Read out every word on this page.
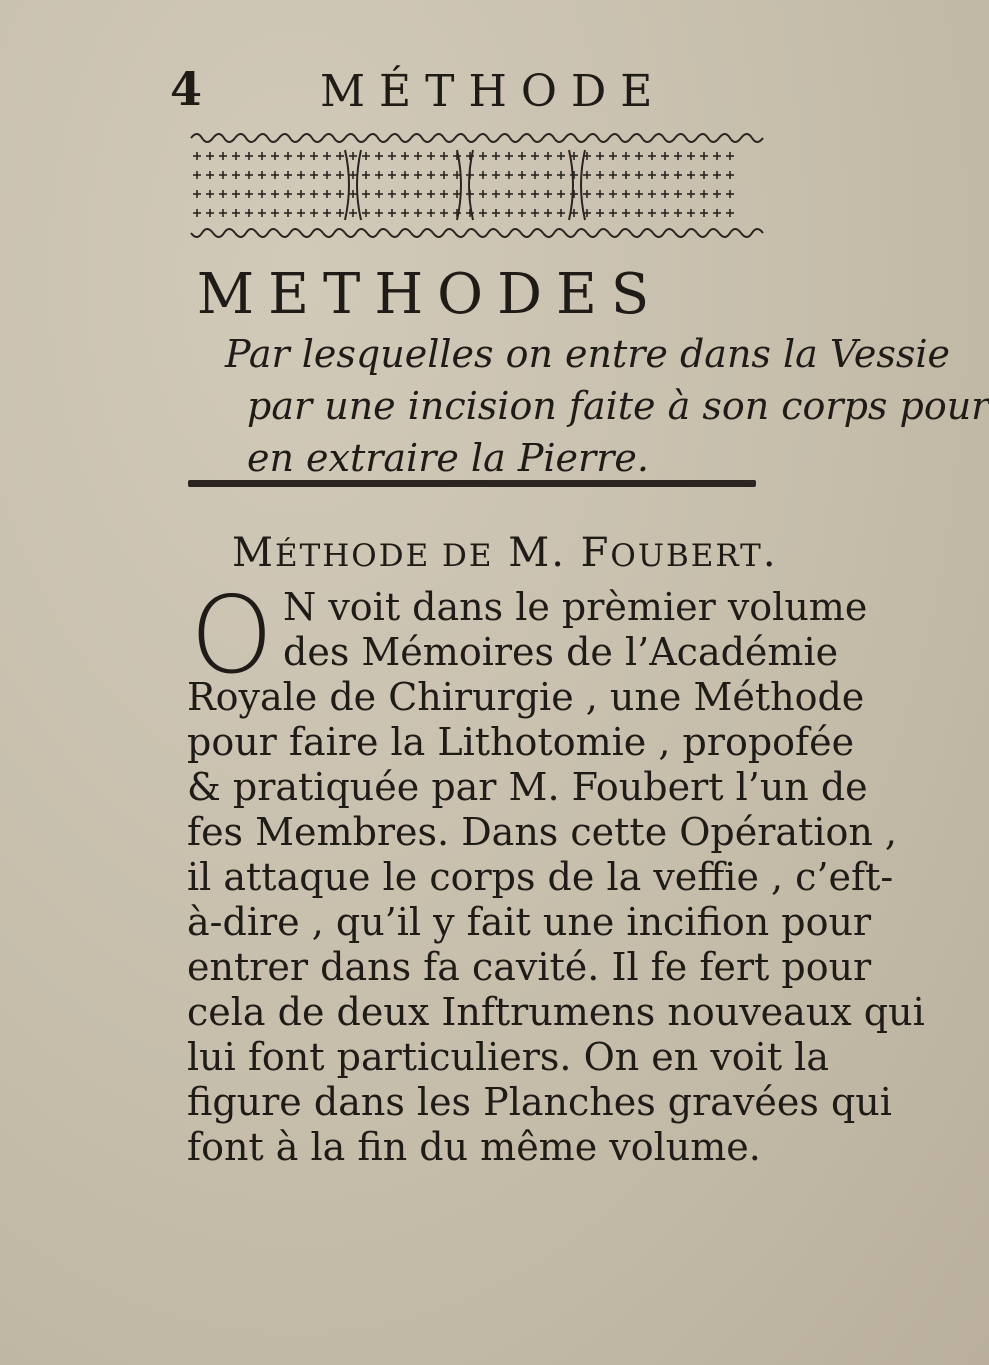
4	MÉTHODE
METHODES
Par lesquelles on entre dans la Vessie
par une incision faite à son corps pour
en extraire la Pierre.
MÉTHODE DE M. FOUBERT.
O N voit dans le prèmier volume
des Mémoires de l’Académie
Royale de Chirurgie , une Méthode
pour faire la Lithotomie , propofée
& pratiquée par M. Foubert l’un de
fes Membres. Dans cette Opération ,
il attaque le corps de la veffie , c’eft-
à-dire , qu’il y fait une incifion pour
entrer dans fa cavité. Il fe fert pour
cela de deux Inftrumens nouveaux qui
lui font particuliers. On en voit la
figure dans les Planches gravées qui
font à la fin du même volume.
